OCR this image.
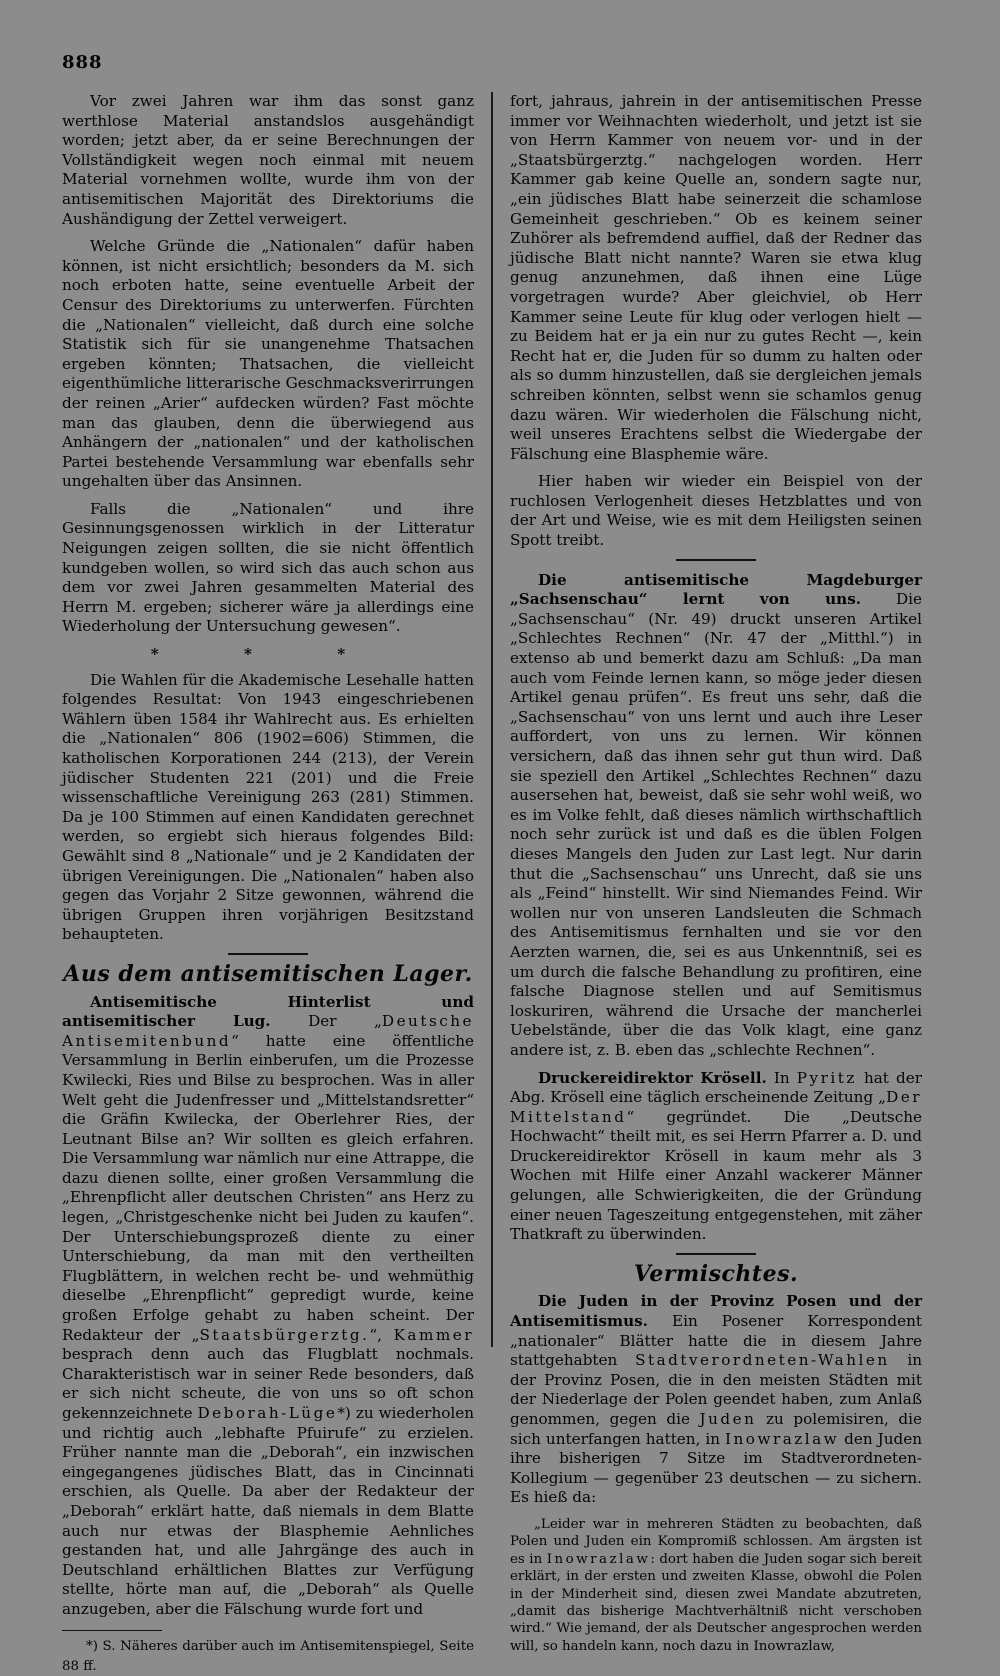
888

Vor zwei Jahren war ihm das sonst ganz werthlose Material anstandslos ausgehändigt worden; jetzt aber, da er seine Berechnungen der Vollständigkeit wegen noch einmal mit neuem Material vornehmen wollte, wurde ihm von der antisemitischen Majorität des Direktoriums die Aushändigung der Zettel verweigert.

Welche Gründe die „Nationalen“ dafür haben können, ist nicht ersichtlich; besonders da M. sich noch erboten hatte, seine eventuelle Arbeit der Censur des Direktoriums zu unterwerfen. Fürchten die „Nationalen“ vielleicht, daß durch eine solche Statistik sich für sie unangenehme Thatsachen ergeben könnten; Thatsachen, die vielleicht eigenthümliche litterarische Geschmacksverirrungen der reinen „Arier“ aufdecken würden? Fast möchte man das glauben, denn die überwiegend aus Anhängern der „nationalen“ und der katholischen Partei bestehende Versammlung war ebenfalls sehr ungehalten über das Ansinnen.

Falls die „Nationalen“ und ihre Gesinnungsgenossen wirklich in der Litteratur Neigungen zeigen sollten, die sie nicht öffentlich kundgeben wollen, so wird sich das auch schon aus dem vor zwei Jahren gesammelten Material des Herrn M. ergeben; sicherer wäre ja allerdings eine Wiederholung der Untersuchung gewesen“.

* * *

Die Wahlen für die Akademische Lesehalle hatten folgendes Resultat: Von 1943 eingeschriebenen Wählern üben 1584 ihr Wahlrecht aus. Es erhielten die „Nationalen“ 806 (1902=606) Stimmen, die katholischen Korporationen 244 (213), der Verein jüdischer Studenten 221 (201) und die Freie wissenschaftliche Vereinigung 263 (281) Stimmen. Da je 100 Stimmen auf einen Kandidaten gerechnet werden, so ergiebt sich hieraus folgendes Bild: Gewählt sind 8 „Nationale“ und je 2 Kandidaten der übrigen Vereinigungen. Die „Nationalen“ haben also gegen das Vorjahr 2 Sitze gewonnen, während die übrigen Gruppen ihren vorjährigen Besitzstand behaupteten.

Aus dem antisemitischen Lager.

Antisemitische Hinterlist und antisemitischer Lug. Der „Deutsche Antisemitenbund“ hatte eine öffentliche Versammlung in Berlin einberufen, um die Prozesse Kwilecki, Ries und Bilse zu besprochen. Was in aller Welt geht die Judenfresser und „Mittelstandsretter“ die Gräfin Kwilecka, der Oberlehrer Ries, der Leutnant Bilse an? Wir sollten es gleich erfahren. Die Versammlung war nämlich nur eine Attrappe, die dazu dienen sollte, einer großen Versammlung die „Ehrenpflicht aller deutschen Christen“ ans Herz zu legen, „Christgeschenke nicht bei Juden zu kaufen“. Der Unterschiebungsprozeß diente zu einer Unterschiebung, da man mit den vertheilten Flugblättern, in welchen recht be- und wehmüthig dieselbe „Ehrenpflicht“ gepredigt wurde, keine großen Erfolge gehabt zu haben scheint. Der Redakteur der „Staatsbürgerztg.“, Kammer besprach denn auch das Flugblatt nochmals. Charakteristisch war in seiner Rede besonders, daß er sich nicht scheute, die von uns so oft schon gekennzeichnete Deborah-Lüge*) zu wiederholen und richtig auch „lebhafte Pfuirufe“ zu erzielen. Früher nannte man die „Deborah“, ein inzwischen eingegangenes jüdisches Blatt, das in Cincinnati erschien, als Quelle. Da aber der Redakteur der „Deborah“ erklärt hatte, daß niemals in dem Blatte auch nur etwas der Blasphemie Aehnliches gestanden hat, und alle Jahrgänge des auch in Deutschland erhältlichen Blattes zur Verfügung stellte, hörte man auf, die „Deborah“ als Quelle anzugeben, aber die Fälschung wurde fort und

*) S. Näheres darüber auch im Antisemitenspiegel, Seite 88 ff.

fort, jahraus, jahrein in der antisemitischen Presse immer vor Weihnachten wiederholt, und jetzt ist sie von Herrn Kammer von neuem vor- und in der „Staatsbürgerztg.“ nachgelogen worden. Herr Kammer gab keine Quelle an, sondern sagte nur, „ein jüdisches Blatt habe seinerzeit die schamlose Gemeinheit geschrieben.“ Ob es keinem seiner Zuhörer als befremdend auffiel, daß der Redner das jüdische Blatt nicht nannte? Waren sie etwa klug genug anzunehmen, daß ihnen eine Lüge vorgetragen wurde? Aber gleichviel, ob Herr Kammer seine Leute für klug oder verlogen hielt — zu Beidem hat er ja ein nur zu gutes Recht —, kein Recht hat er, die Juden für so dumm zu halten oder als so dumm hinzustellen, daß sie dergleichen jemals schreiben könnten, selbst wenn sie schamlos genug dazu wären. Wir wiederholen die Fälschung nicht, weil unseres Erachtens selbst die Wiedergabe der Fälschung eine Blasphemie wäre.

Hier haben wir wieder ein Beispiel von der ruchlosen Verlogenheit dieses Hetzblattes und von der Art und Weise, wie es mit dem Heiligsten seinen Spott treibt.

Die antisemitische Magdeburger „Sachsenschau“ lernt von uns. Die „Sachsenschau“ (Nr. 49) druckt unseren Artikel „Schlechtes Rechnen“ (Nr. 47 der „Mitthl.“) in extenso ab und bemerkt dazu am Schluß: „Da man auch vom Feinde lernen kann, so möge jeder diesen Artikel genau prüfen“. Es freut uns sehr, daß die „Sachsenschau“ von uns lernt und auch ihre Leser auffordert, von uns zu lernen. Wir können versichern, daß das ihnen sehr gut thun wird. Daß sie speziell den Artikel „Schlechtes Rechnen“ dazu ausersehen hat, beweist, daß sie sehr wohl weiß, wo es im Volke fehlt, daß dieses nämlich wirthschaftlich noch sehr zurück ist und daß es die üblen Folgen dieses Mangels den Juden zur Last legt. Nur darin thut die „Sachsenschau“ uns Unrecht, daß sie uns als „Feind“ hinstellt. Wir sind Niemandes Feind. Wir wollen nur von unseren Landsleuten die Schmach des Antisemitismus fernhalten und sie vor den Aerzten warnen, die, sei es aus Unkenntniß, sei es um durch die falsche Behandlung zu profitiren, eine falsche Diagnose stellen und auf Semitismus loskuriren, während die Ursache der mancherlei Uebelstände, über die das Volk klagt, eine ganz andere ist, z. B. eben das „schlechte Rechnen“.

Druckereidirektor Krösell. In Pyritz hat der Abg. Krösell eine täglich erscheinende Zeitung „Der Mittelstand“ gegründet. Die „Deutsche Hochwacht“ theilt mit, es sei Herrn Pfarrer a. D. und Druckereidirektor Krösell in kaum mehr als 3 Wochen mit Hilfe einer Anzahl wackerer Männer gelungen, alle Schwierigkeiten, die der Gründung einer neuen Tageszeitung entgegenstehen, mit zäher Thatkraft zu überwinden.

Vermischtes.

Die Juden in der Provinz Posen und der Antisemitismus. Ein Posener Korrespondent „nationaler“ Blätter hatte die in diesem Jahre stattgehabten Stadtverordneten-Wahlen in der Provinz Posen, die in den meisten Städten mit der Niederlage der Polen geendet haben, zum Anlaß genommen, gegen die Juden zu polemisiren, die sich unterfangen hatten, in Inowrazlaw den Juden ihre bisherigen 7 Sitze im Stadtverordneten-Kollegium — gegenüber 23 deutschen — zu sichern. Es hieß da:

„Leider war in mehreren Städten zu beobachten, daß Polen und Juden ein Kompromiß schlossen. Am ärgsten ist es in Inowrazlaw: dort haben die Juden sogar sich bereit erklärt, in der ersten und zweiten Klasse, obwohl die Polen in der Minderheit sind, diesen zwei Mandate abzutreten, „damit das bisherige Machtverhältniß nicht verschoben wird.“ Wie jemand, der als Deutscher angesprochen werden will, so handeln kann, noch dazu in Inowrazlaw,
